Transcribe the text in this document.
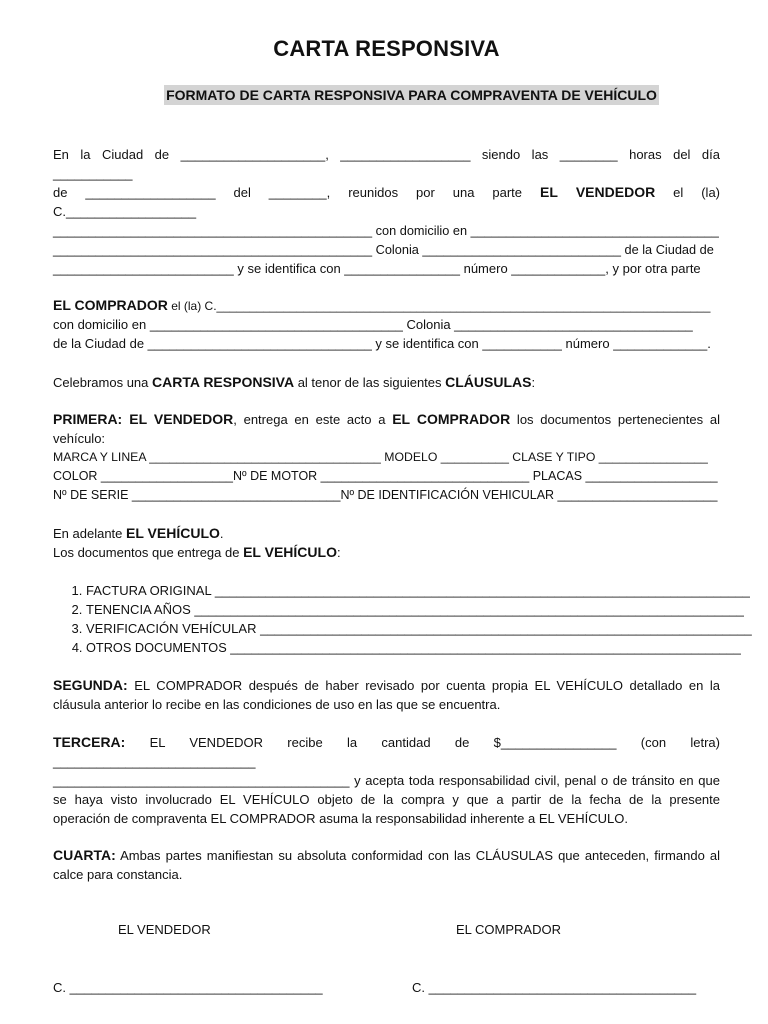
CARTA RESPONSIVA
FORMATO DE CARTA RESPONSIVA PARA COMPRAVENTA DE VEHÍCULO
En la Ciudad de ____________________, __________________ siendo las ________ horas del día
___________
de __________________ del ________, reunidos por una parte EL VENDEDOR el (la)
C.__________________
_____________________________________________ con domicilio en ___________________________________
_____________________________________________ Colonia ____________________________ de la Ciudad de
_________________________ y se identifica con ________________ número _____________, y por otra parte
EL COMPRADOR el (la) C.__________________________________________________________________________
con domicilio en ___________________________________ Colonia _________________________________
de la Ciudad de _______________________________ y se identifica con ___________ número _____________.
Celebramos una CARTA RESPONSIVA al tenor de las siguientes CLÁUSULAS:
PRIMERA: EL VENDEDOR, entrega en este acto a EL COMPRADOR los documentos pertenecientes al
vehículo:
MARCA Y LINEA __________________________________ MODELO __________ CLASE Y TIPO ________________
COLOR ___________________Nº DE MOTOR ______________________________ PLACAS ___________________
Nº DE SERIE ______________________________Nº DE IDENTIFICACIÓN VEHICULAR _______________________
En adelante EL VEHÍCULO.
Los documentos que entrega de EL VEHÍCULO:
1. FACTURA ORIGINAL __________________________________________________________________________
2. TENENCIA AÑOS ____________________________________________________________________________
3. VERIFICACIÓN VEHÍCULAR ____________________________________________________________________
4. OTROS DOCUMENTOS ________________________________________________________________________
SEGUNDA: EL COMPRADOR después de haber revisado por cuenta propia EL VEHÍCULO detallado en la
cláusula anterior lo recibe en las condiciones de uso en las que se encuentra.
TERCERA: EL VENDEDOR recibe la cantidad de $________________ (con letra)
____________________________
_________________________________________ y acepta toda responsabilidad civil, penal o de tránsito en que
se haya visto involucrado EL VEHÍCULO objeto de la compra y que a partir de la fecha de la presente
operación de compraventa EL COMPRADOR asuma la responsabilidad inherente a EL VEHÍCULO.
CUARTA: Ambas partes manifiestan su absoluta conformidad con las CLÁUSULAS que anteceden, firmando al
calce para constancia.
EL VENDEDOR	EL COMPRADOR
C. ___________________________________	C. _____________________________________
